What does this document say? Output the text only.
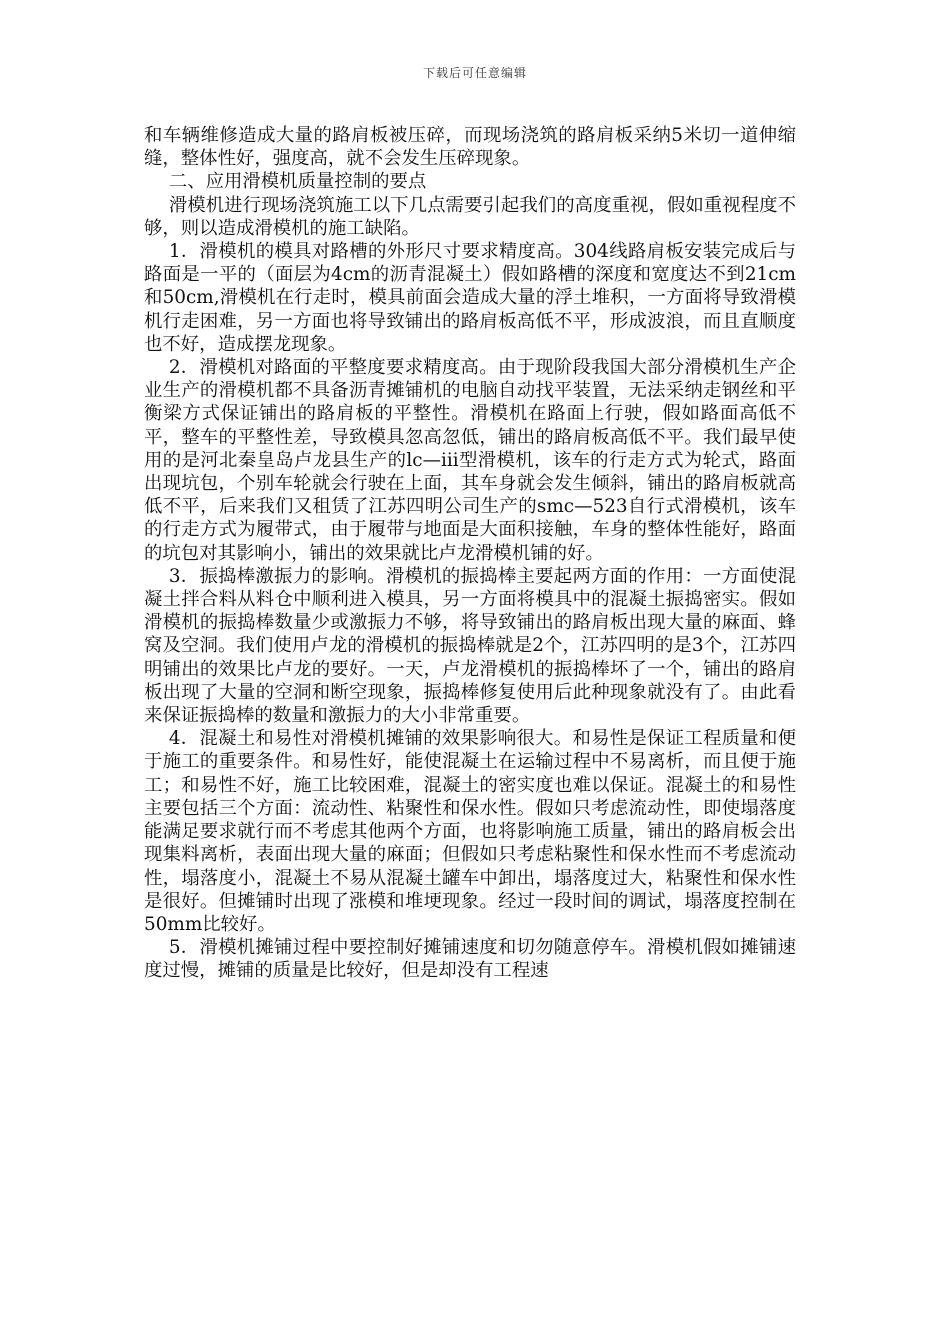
下载后可任意编辑

和车辆维修造成大量的路肩板被压碎，而现场浇筑的路肩板采纳5米切一道伸缩缝，整体性好，强度高，就不会发生压碎现象。

二、应用滑模机质量控制的要点

滑模机进行现场浇筑施工以下几点需要引起我们的高度重视，假如重视程度不够，则以造成滑模机的施工缺陷。

1．滑模机的模具对路槽的外形尺寸要求精度高。304线路肩板安装完成后与路面是一平的（面层为4cm的沥青混凝土）假如路槽的深度和宽度达不到21cm和50cm,滑模机在行走时，模具前面会造成大量的浮土堆积，一方面将导致滑模机行走困难，另一方面也将导致铺出的路肩板高低不平，形成波浪，而且直顺度也不好，造成摆龙现象。

2．滑模机对路面的平整度要求精度高。由于现阶段我国大部分滑模机生产企业生产的滑模机都不具备沥青摊铺机的电脑自动找平装置，无法采纳走钢丝和平衡梁方式保证铺出的路肩板的平整性。滑模机在路面上行驶，假如路面高低不平，整车的平整性差，导致模具忽高忽低，铺出的路肩板高低不平。我们最早使用的是河北秦皇岛卢龙县生产的lc—iii型滑模机，该车的行走方式为轮式，路面出现坑包，个别车轮就会行驶在上面，其车身就会发生倾斜，铺出的路肩板就高低不平，后来我们又租赁了江苏四明公司生产的smc—523自行式滑模机，该车的行走方式为履带式，由于履带与地面是大面积接触，车身的整体性能好，路面的坑包对其影响小，铺出的效果就比卢龙滑模机铺的好。

3．振捣棒激振力的影响。滑模机的振捣棒主要起两方面的作用：一方面使混凝土拌合料从料仓中顺利进入模具，另一方面将模具中的混凝土振捣密实。假如滑模机的振捣棒数量少或激振力不够，将导致铺出的路肩板出现大量的麻面、蜂窝及空洞。我们使用卢龙的滑模机的振捣棒就是2个，江苏四明的是3个，江苏四明铺出的效果比卢龙的要好。一天，卢龙滑模机的振捣棒坏了一个，铺出的路肩板出现了大量的空洞和断空现象，振捣棒修复使用后此种现象就没有了。由此看来保证振捣棒的数量和激振力的大小非常重要。

4．混凝土和易性对滑模机摊铺的效果影响很大。和易性是保证工程质量和便于施工的重要条件。和易性好，能使混凝土在运输过程中不易离析，而且便于施工；和易性不好，施工比较困难，混凝土的密实度也难以保证。混凝土的和易性主要包括三个方面：流动性、粘聚性和保水性。假如只考虑流动性，即使塌落度能满足要求就行而不考虑其他两个方面，也将影响施工质量，铺出的路肩板会出现集料离析，表面出现大量的麻面；但假如只考虑粘聚性和保水性而不考虑流动性，塌落度小，混凝土不易从混凝土罐车中卸出，塌落度过大，粘聚性和保水性是很好。但摊铺时出现了涨模和堆埂现象。经过一段时间的调试，塌落度控制在50mm比较好。

5．滑模机摊铺过程中要控制好摊铺速度和切勿随意停车。滑模机假如摊铺速度过慢，摊铺的质量是比较好，但是却没有工程速
